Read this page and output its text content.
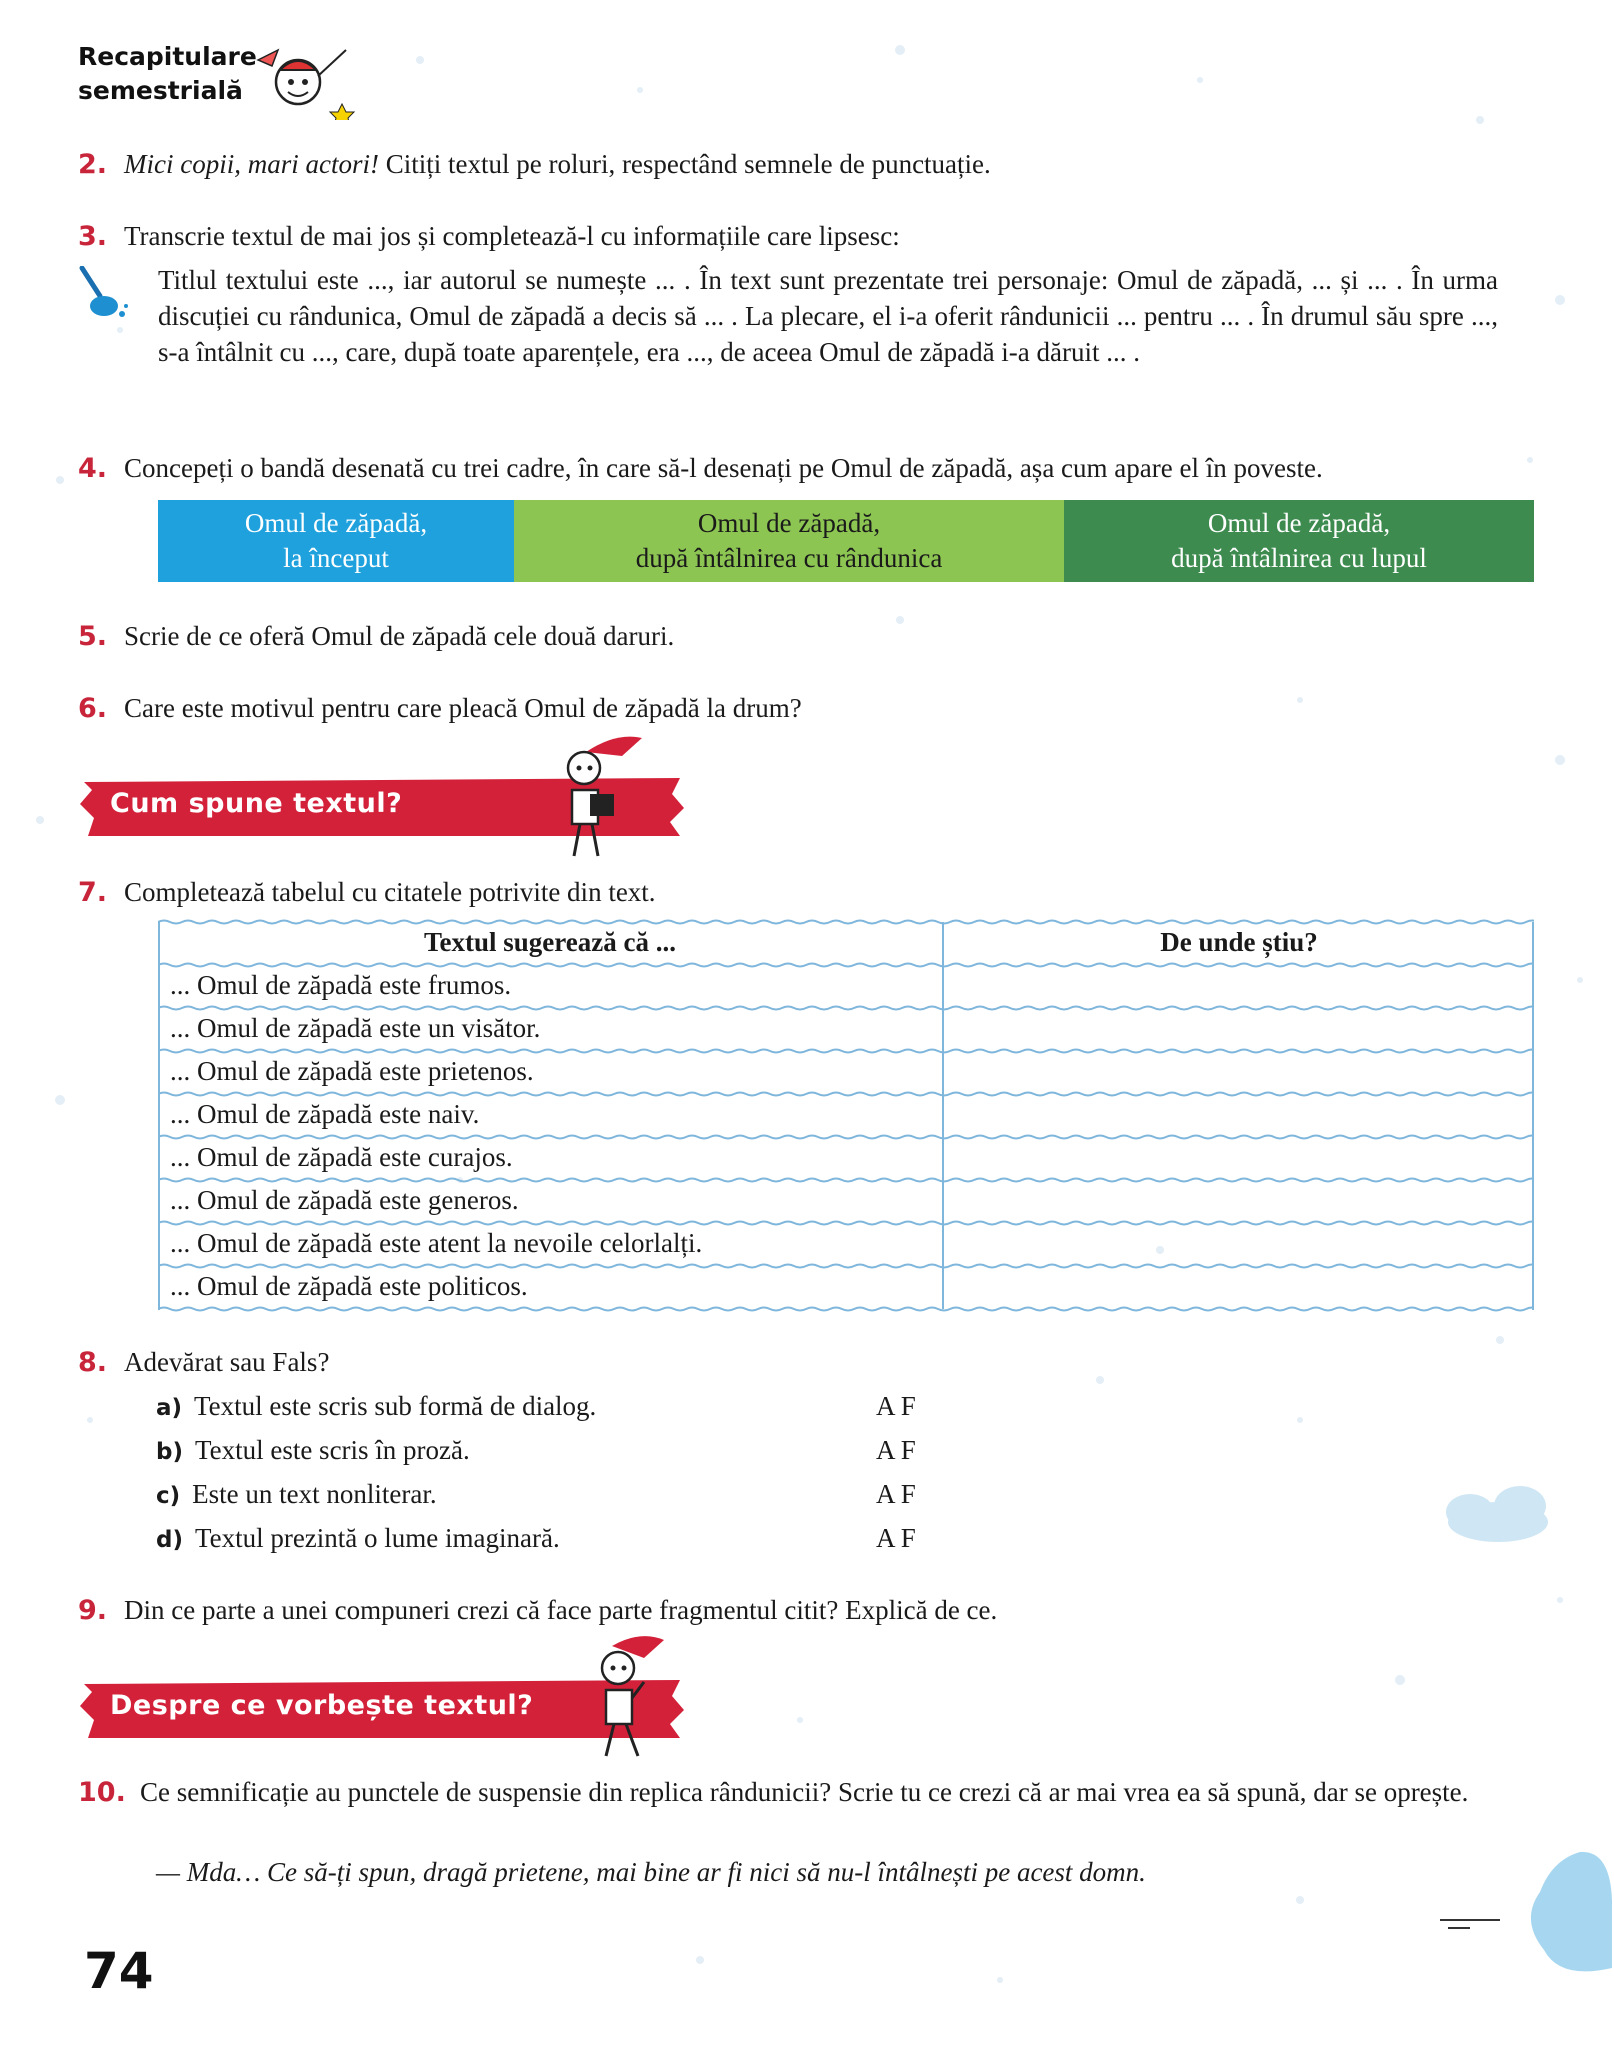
Recapitulare
semestrială
2. Mici copii, mari actori! Citiți textul pe roluri, respectând semnele de punctuație.
3. Transcrie textul de mai jos și completează-l cu informațiile care lipsesc:
Titlul textului este ..., iar autorul se numește ... . În text sunt prezentate trei personaje: Omul de zăpadă, ... și ... . În urma discuției cu rândunica, Omul de zăpadă a decis să ... . La plecare, el i-a oferit rândunicii ... pentru ... . În drumul său spre ..., s-a întâlnit cu ..., care, după toate aparențele, era ..., de aceea Omul de zăpadă i-a dăruit ... .
4. Concepeți o bandă desenată cu trei cadre, în care să-l desenați pe Omul de zăpadă, așa cum apare el în poveste.
Omul de zăpadă,
la început
Omul de zăpadă,
după întâlnirea cu rândunica
Omul de zăpadă,
după întâlnirea cu lupul
5. Scrie de ce oferă Omul de zăpadă cele două daruri.
6. Care este motivul pentru care pleacă Omul de zăpadă la drum?
Cum spune textul?
7. Completează tabelul cu citatele potrivite din text.
Textul sugerează că ...	De unde știu?
... Omul de zăpadă este frumos.
... Omul de zăpadă este un visător.
... Omul de zăpadă este prietenos.
... Omul de zăpadă este naiv.
... Omul de zăpadă este curajos.
... Omul de zăpadă este generos.
... Omul de zăpadă este atent la nevoile celorlalți.
... Omul de zăpadă este politicos.
8. Adevărat sau Fals?
a) Textul este scris sub formă de dialog.	A F
b) Textul este scris în proză.	A F
c) Este un text nonliterar.	A F
d) Textul prezintă o lume imaginară.	A F
9. Din ce parte a unei compuneri crezi că face parte fragmentul citit? Explică de ce.
Despre ce vorbește textul?
10. Ce semnificație au punctele de suspensie din replica rândunicii? Scrie tu ce crezi că ar mai vrea ea să spună, dar se oprește.
— Mda… Ce să-ți spun, dragă prietene, mai bine ar fi nici să nu-l întâlnești pe acest domn.
74
